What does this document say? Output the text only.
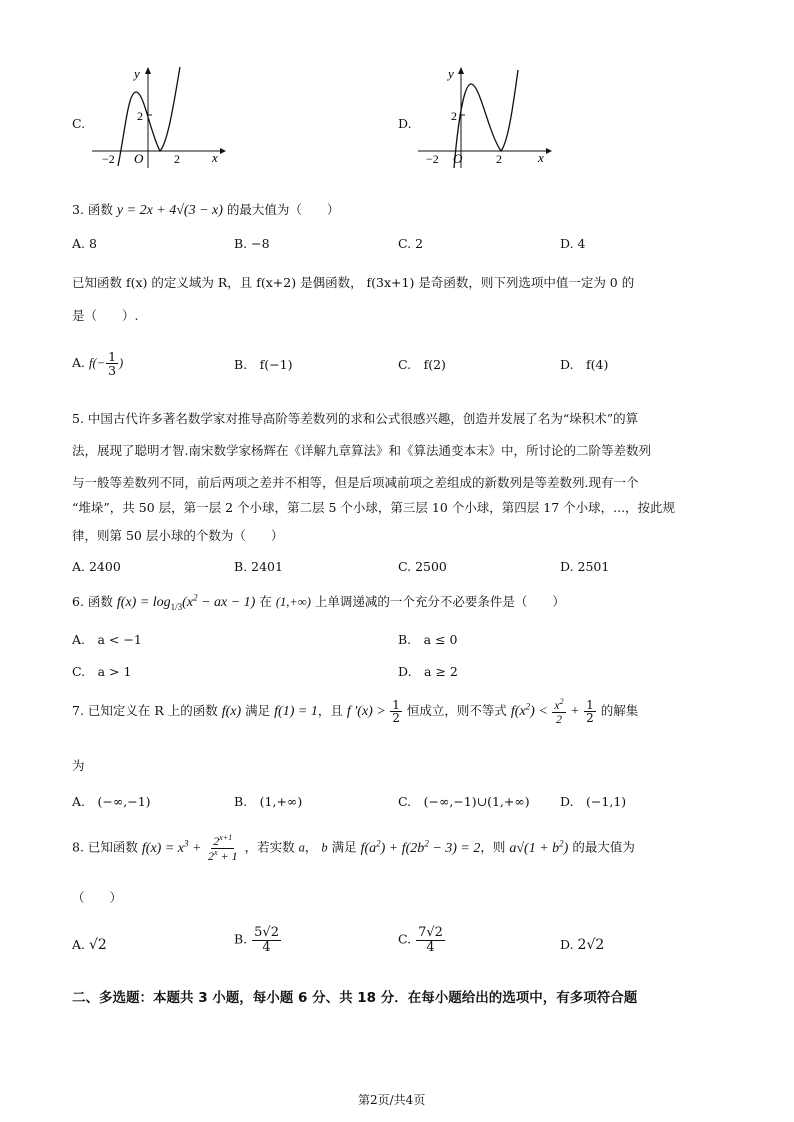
C.
y
x
O
2
−2	2
D.
y
x
O
2
−2	2
3. 函数 y = 2x + 4√(3 − x) 的最大值为（　　）
A. 8	B. −8	C. 2	D. 4
已知函数 f(x) 的定义域为 R，且 f(x+2) 是偶函数， f(3x+1) 是奇函数，则下列选项中值一定为 0 的
是（　　）.
A. $f(- \frac{1}{3}$ )	B.　f(−1)	C.　f(2)	D.　f(4)
5. 中国古代许多著名数学家对推导高阶等差数列的求和公式很感兴趣，创造并发展了名为“垛积术”的算
法，展现了聪明才智.南宋数学家杨辉在《详解九章算法》和《算法通变本末》中，所讨论的二阶等差数列
与一般等差数列不同，前后两项之差并不相等，但是后项减前项之差组成的新数列是等差数列.现有一个
“堆垛”，共 50 层，第一层 2 个小球，第二层 5 个小球，第三层 10 个小球，第四层 17 个小球，...，按此规
律，则第 50 层小球的个数为（　　）
A. 2400	B. 2401	C. 2500	D. 2501
6. 函数 $f(x) = \log_{1/3}(x^2$ − ax − 1) 在 (1,+∞) 上单调递减的一个充分不必要条件是（　　）
A.　a < −1	B.　a ≤ 0
C.　a > 1	D.　a ≥ 2
7. 已知定义在 R 上的函数 f(x) 满足 f(1) = 1，且 f $'(x) > \frac{1}{2}$ 恒成立，则不等式 $f(x^2) < \frac{x^2}{2} + \frac{1}{2}$ 的解集
为
A.　(−∞,−1)	B.　(1,+∞)	C.　(−∞,−1)∪(1,+∞) D.　(−1,1)
8. 已知函数 $f(x) = x^3 + \frac{2^{x+1}}{2^x + 1}$ ，若实数 a， b 满足 $f(a^2) + f(2b^2 - 3) = 2$，则 $a√(1 + b^2)$ 的最大值为
（　　）
A. √2	B. $\frac{5√2}{4}$	C. $\frac{7√2}{4}$	D. 2√2
二、多选题：本题共 3 小题，每小题 6 分、共 18 分．在每小题给出的选项中，有多项符合题
第2页/共4页
